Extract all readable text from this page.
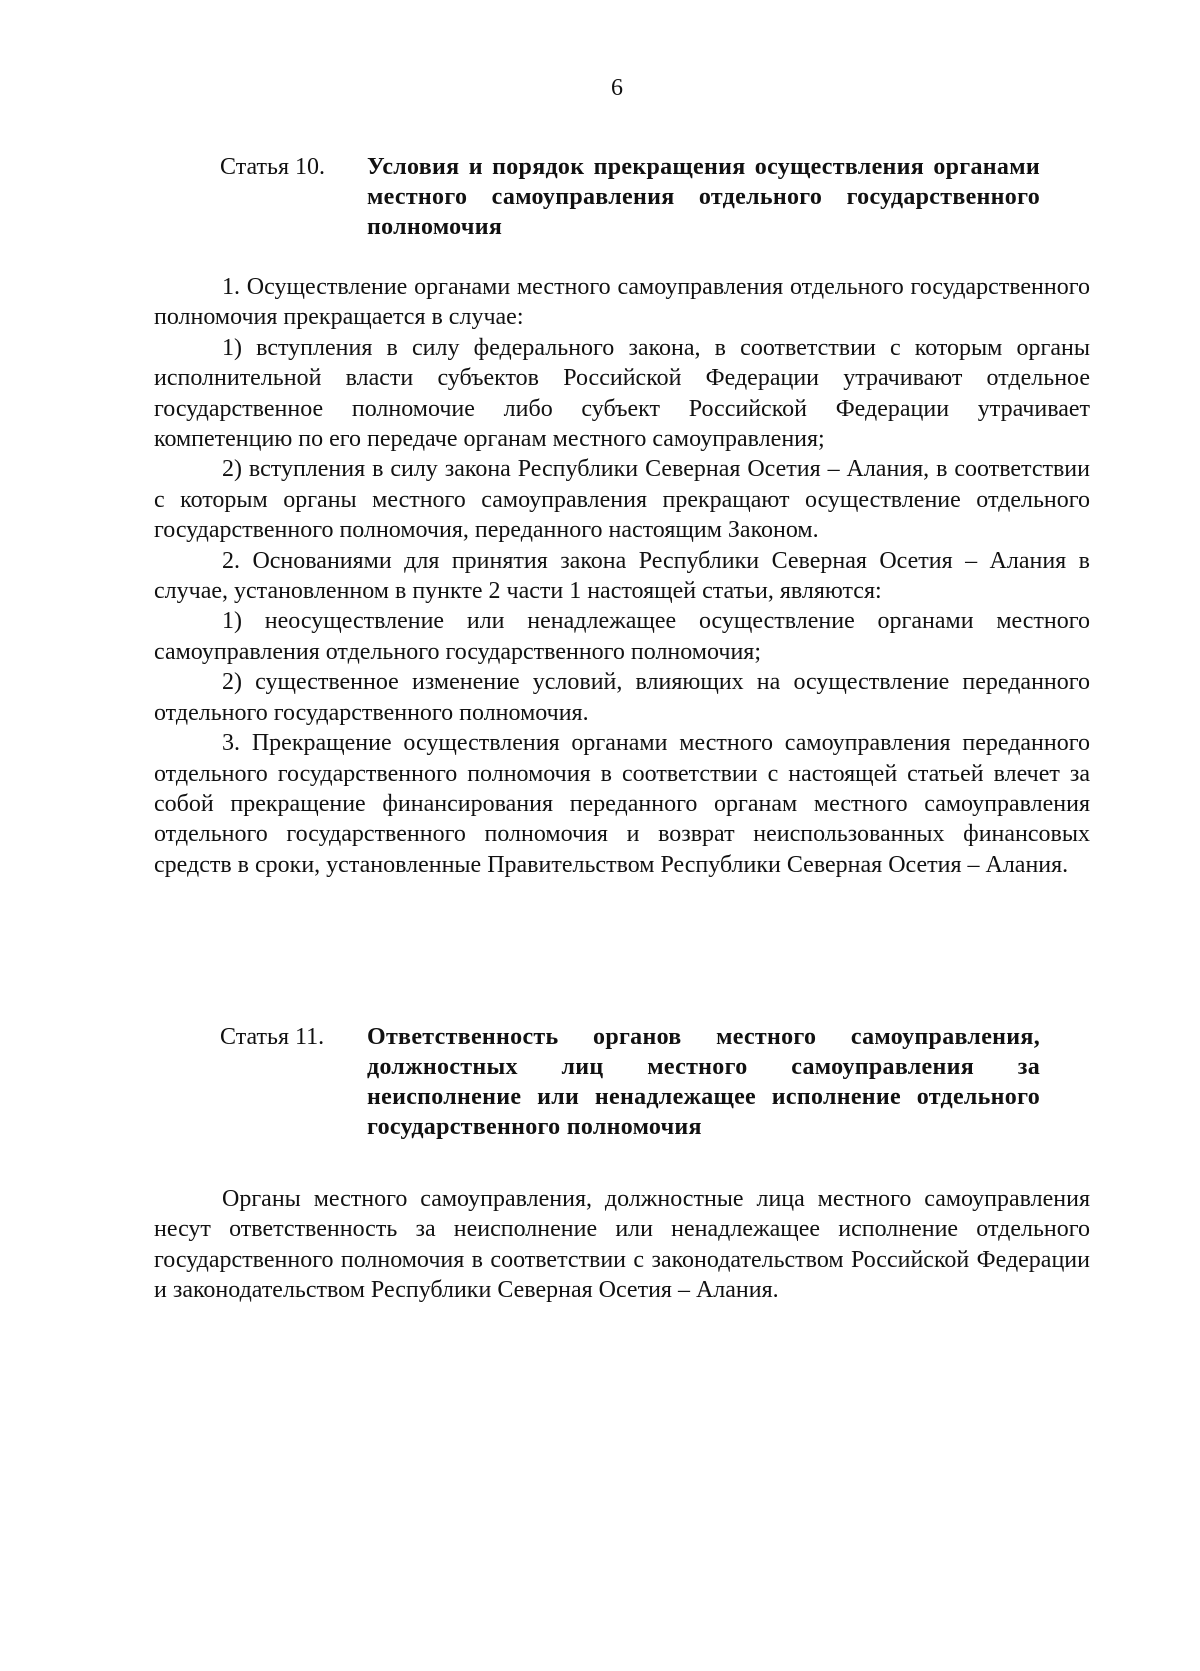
6
Статья 10.	Условия и порядок прекращения осуществления органами местного самоуправления отдельного государственного полномочия

1. Осуществление органами местного самоуправления отдельного государственного полномочия прекращается в случае:

1) вступления в силу федерального закона, в соответствии с которым органы исполнительной власти субъектов Российской Федерации утрачивают отдельное государственное полномочие либо субъект Российской Федерации утрачивает компетенцию по его передаче органам местного самоуправления;

2) вступления в силу закона Республики Северная Осетия – Алания, в соответствии с которым органы местного самоуправления прекращают осуществление отдельного государственного полномочия, переданного настоящим Законом.

2. Основаниями для принятия закона Республики Северная Осетия – Алания в случае, установленном в пункте 2 части 1 настоящей статьи, являются:

1) неосуществление или ненадлежащее осуществление органами местного самоуправления отдельного государственного полномочия;

2) существенное изменение условий, влияющих на осуществление переданного отдельного государственного полномочия.

3. Прекращение осуществления органами местного самоуправления переданного отдельного государственного полномочия в соответствии с настоящей статьей влечет за собой прекращение финансирования переданного органам местного самоуправления отдельного государственного полномочия и возврат неиспользованных финансовых средств в сроки, установленные Правительством Республики Северная Осетия – Алания.

Статья 11.	Ответственность органов местного самоуправления, должностных лиц местного самоуправления за неисполнение или ненадлежащее исполнение отдельного государственного полномочия

Органы местного самоуправления, должностные лица местного самоуправления несут ответственность за неисполнение или ненадлежащее исполнение отдельного государственного полномочия в соответствии с законодательством Российской Федерации и законодательством Республики Северная Осетия – Алания.
